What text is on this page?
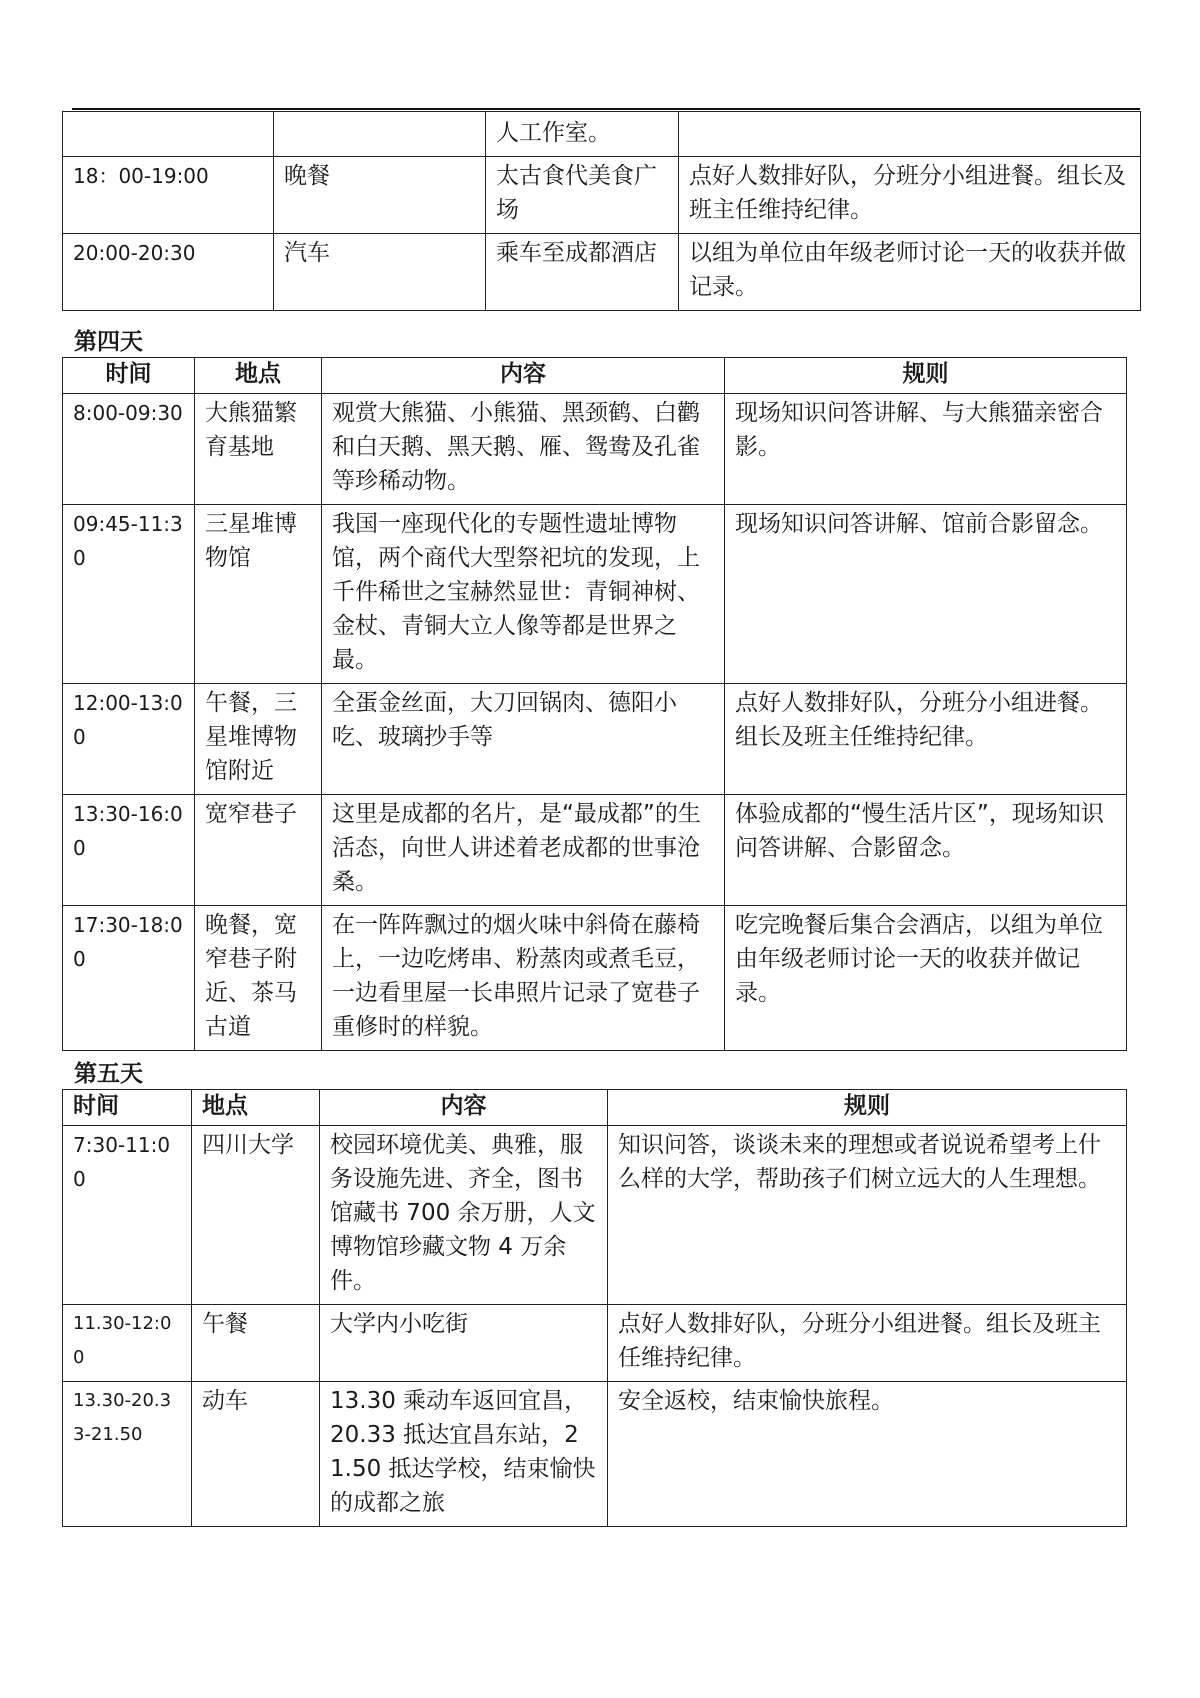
		人工作室。	
18：00-19:00	晚餐	太古食代美食广场	点好人数排好队，分班分小组进餐。组长及班主任维持纪律。
20:00-20:30	汽车	乘车至成都酒店	以组为单位由年级老师讨论一天的收获并做记录。
第四天
时间	地点	内容	规则
8:00-09:30	大熊猫繁育基地	观赏大熊猫、小熊猫、黑颈鹤、白鹳和白天鹅、黑天鹅、雁、鸳鸯及孔雀等珍稀动物。	现场知识问答讲解、与大熊猫亲密合影。
09:45-11:30	三星堆博物馆	我国一座现代化的专题性遗址博物馆，两个商代大型祭祀坑的发现，上千件稀世之宝赫然显世：青铜神树、金杖、青铜大立人像等都是世界之最。	现场知识问答讲解、馆前合影留念。
12:00-13:00	午餐，三星堆博物馆附近	全蛋金丝面，大刀回锅肉、德阳小吃、玻璃抄手等	点好人数排好队，分班分小组进餐。组长及班主任维持纪律。
13:30-16:00	宽窄巷子	这里是成都的名片，是“最成都”的生活态，向世人讲述着老成都的世事沧桑。	体验成都的“慢生活片区”，现场知识问答讲解、合影留念。
17:30-18:00	晚餐，宽窄巷子附近、茶马古道	在一阵阵飘过的烟火味中斜倚在藤椅上，一边吃烤串、粉蒸肉或煮毛豆，一边看里屋一长串照片记录了宽巷子重修时的样貌。	吃完晚餐后集合会酒店，以组为单位由年级老师讨论一天的收获并做记录。
第五天
时间	地点	内容	规则
7:30-11:00	四川大学	校园环境优美、典雅，服务设施先进、齐全，图书馆藏书 700 余万册，人文博物馆珍藏文物 4 万余件。	知识问答，谈谈未来的理想或者说说希望考上什么样的大学，帮助孩子们树立远大的人生理想。
11.30-12:00	午餐	大学内小吃街	点好人数排好队，分班分小组进餐。组长及班主任维持纪律。
13.30-20.33-21.50	动车	13.30 乘动车返回宜昌，20.33 抵达宜昌东站，21.50 抵达学校，结束愉快的成都之旅	安全返校，结束愉快旅程。
